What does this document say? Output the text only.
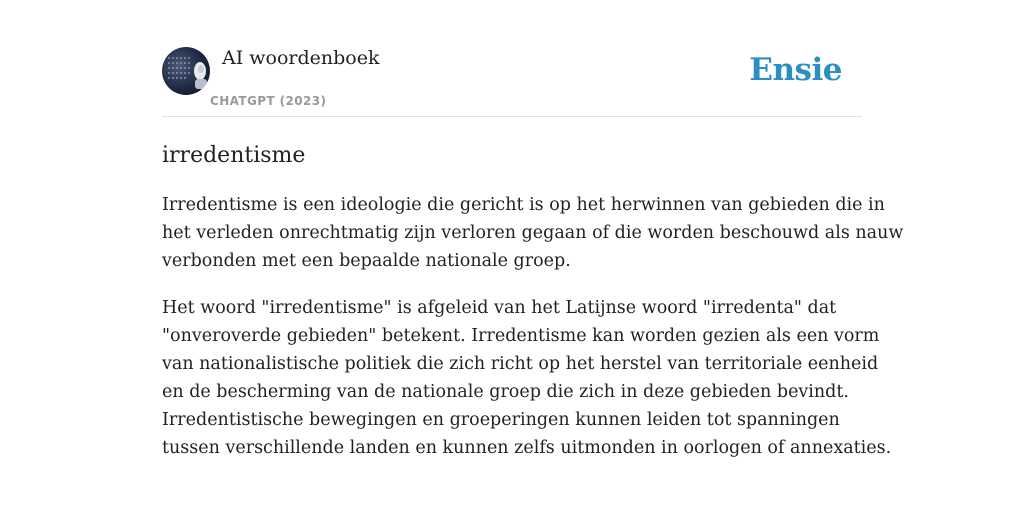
AI woordenboek
CHATGPT (2023)
Ensie
irredentisme

Irredentisme is een ideologie die gericht is op het herwinnen van gebieden die in
het verleden onrechtmatig zijn verloren gegaan of die worden beschouwd als nauw
verbonden met een bepaalde nationale groep.

Het woord "irredentisme" is afgeleid van het Latijnse woord "irredenta" dat
"onveroverde gebieden" betekent. Irredentisme kan worden gezien als een vorm
van nationalistische politiek die zich richt op het herstel van territoriale eenheid
en de bescherming van de nationale groep die zich in deze gebieden bevindt.
Irredentistische bewegingen en groeperingen kunnen leiden tot spanningen
tussen verschillende landen en kunnen zelfs uitmonden in oorlogen of annexaties.
